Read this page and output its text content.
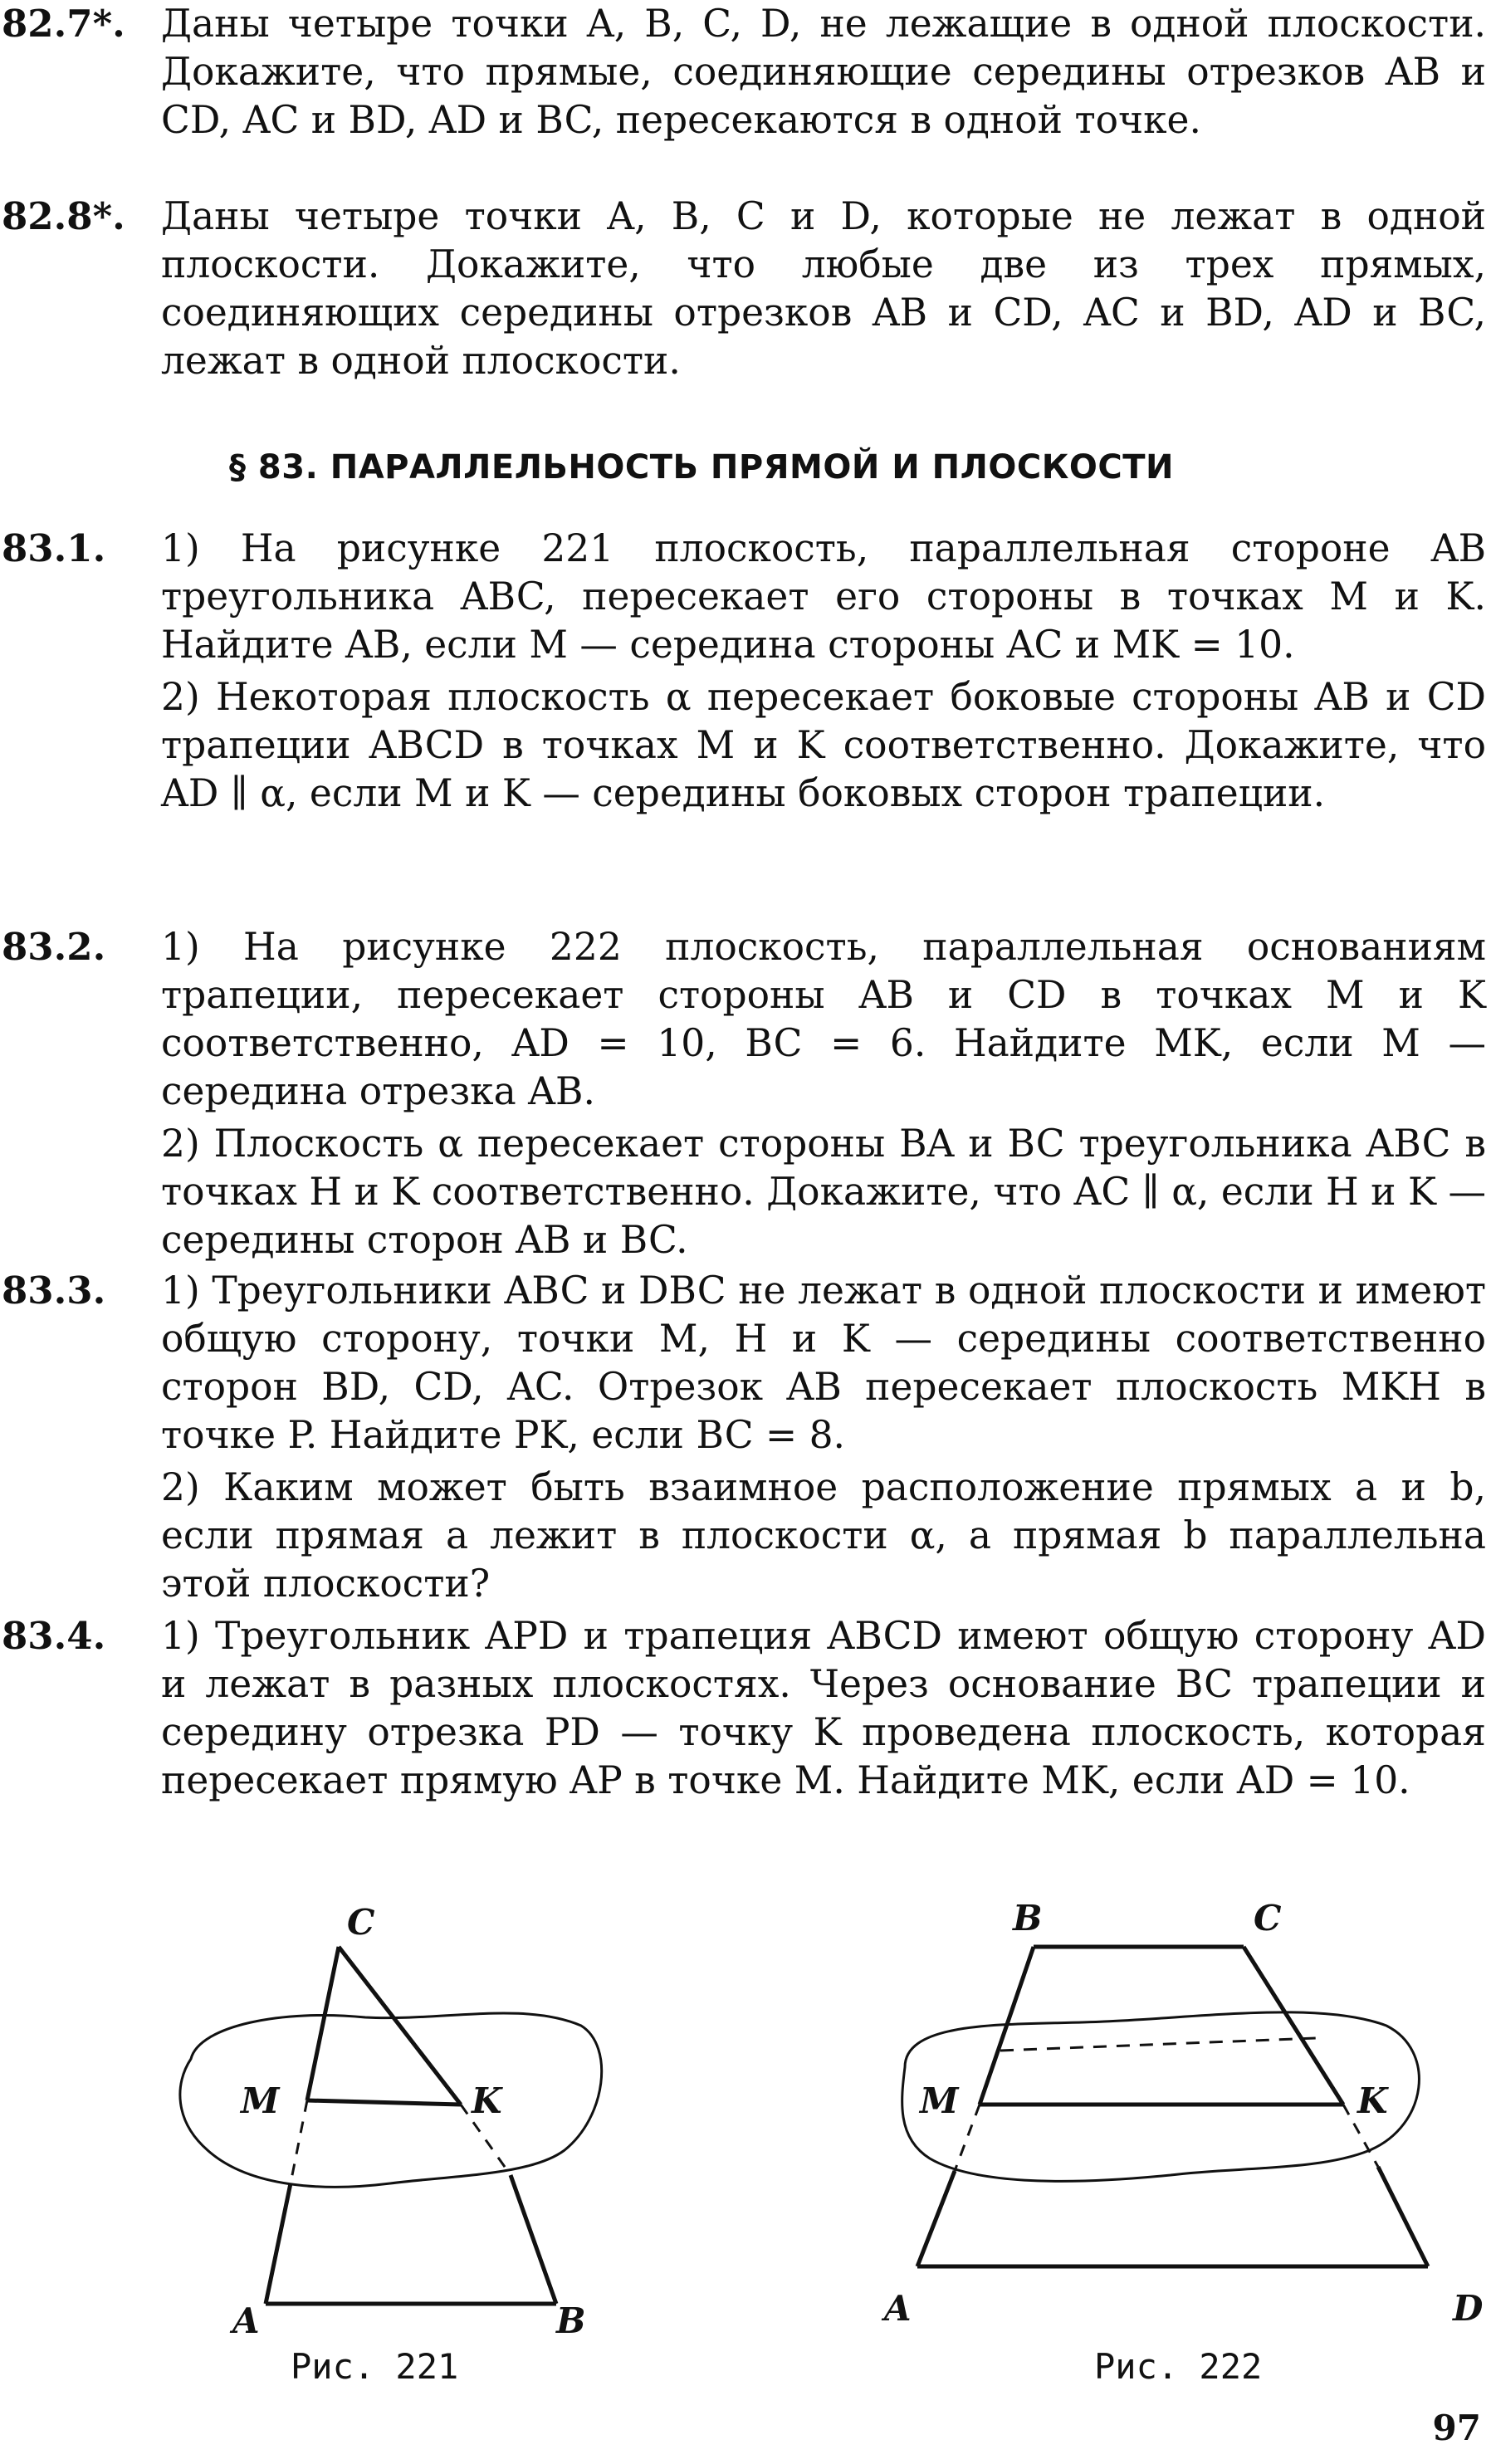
82.7*. Даны четыре точки A, B, C, D, не лежащие в одной плоскости. Докажите, что прямые, соединяющие середины отрезков AB и CD, AC и BD, AD и BC, пересекаются в одной точке.

82.8*. Даны четыре точки A, B, C и D, которые не лежат в одной плоскости. Докажите, что любые две из трех прямых, соединяющих середины отрезков AB и CD, AC и BD, AD и BC, лежат в одной плоскости.

§ 83. ПАРАЛЛЕЛЬНОСТЬ ПРЯМОЙ И ПЛОСКОСТИ
83.1. 1) На рисунке 221 плоскость, параллельная стороне AB треугольника ABC, пересекает его стороны в точках M и K. Найдите AB, если M — середина стороны AC и MK = 10.

2) Некоторая плоскость α пересекает боковые стороны AB и CD трапеции ABCD в точках M и K соответственно. Докажите, что AD ∥ α, если M и K — середины боковых сторон трапеции.

83.2. 1) На рисунке 222 плоскость, параллельная основаниям трапеции, пересекает стороны AB и CD в точках M и K соответственно, AD = 10, BC = 6. Найдите MK, если M — середина отрезка AB.

2) Плоскость α пересекает стороны BA и BC треугольника ABC в точках H и K соответственно. Докажите, что AC ∥ α, если H и K — середины сторон AB и BC.

83.3. 1) Треугольники ABC и DBC не лежат в одной плоскости и имеют общую сторону, точки M, H и K — середины соответственно сторон BD, CD, AC. Отрезок AB пересекает плоскость MKH в точке P. Найдите PK, если BC = 8.

2) Каким может быть взаимное расположение прямых a и b, если прямая a лежит в плоскости α, а прямая b параллельна этой плоскости?

83.4. 1) Треугольник APD и трапеция ABCD имеют общую сторону AD и лежат в разных плоскостях. Через основание BC трапеции и середину отрезка PD — точку K проведена плоскость, которая пересекает прямую AP в точке M. Найдите MK, если AD = 10.

C
M	K
A	B
Рис. 221
B	C
M	K
A	D
Рис. 222
97
